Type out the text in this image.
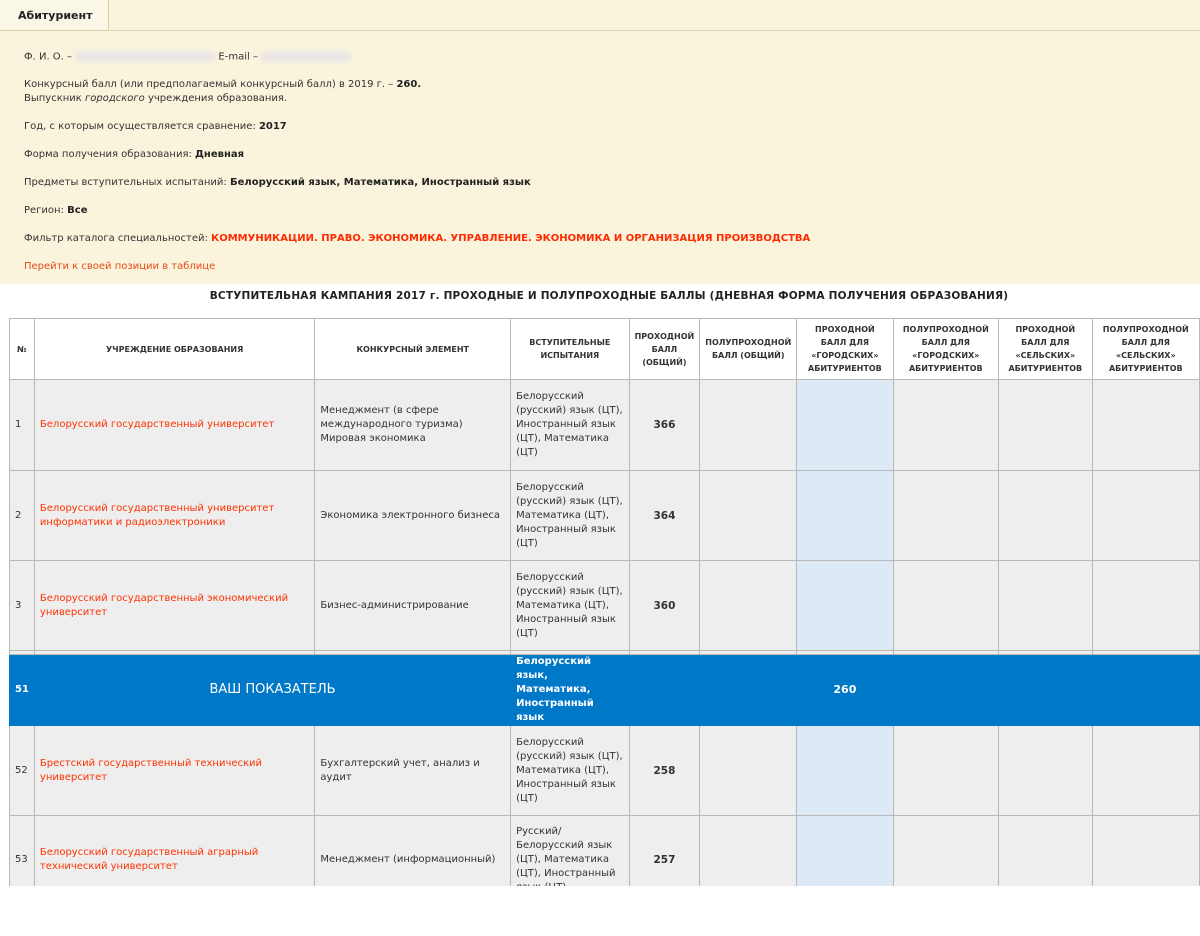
Абитуриент
Ф. И. О. –	E-mail –
Конкурсный балл (или предполагаемый конкурсный балл) в 2019 г. – 260.
Выпускник городского учреждения образования.
Год, с которым осуществляется сравнение: 2017
Форма получения образования: Дневная
Предметы вступительных испытаний: Белорусский язык, Математика, Иностранный язык
Регион: Все
Фильтр каталога специальностей: КОММУНИКАЦИИ. ПРАВО. ЭКОНОМИКА. УПРАВЛЕНИЕ. ЭКОНОМИКА И ОРГАНИЗАЦИЯ ПРОИЗВОДСТВА
Перейти к своей позиции в таблице
ВСТУПИТЕЛЬНАЯ КАМПАНИЯ 2017 г. ПРОХОДНЫЕ И ПОЛУПРОХОДНЫЕ БАЛЛЫ (ДНЕВНАЯ ФОРМА ПОЛУЧЕНИЯ ОБРАЗОВАНИЯ)
№	УЧРЕЖДЕНИЕ ОБРАЗОВАНИЯ	КОНКУРСНЫЙ ЭЛЕМЕНТ	ВСТУПИТЕЛЬНЫЕ ИСПЫТАНИЯ	ПРОХОДНОЙ БАЛЛ (ОБЩИЙ)	ПОЛУПРОХОДНОЙ БАЛЛ (ОБЩИЙ)	ПРОХОДНОЙ БАЛЛ ДЛЯ «ГОРОДСКИХ» АБИТУРИЕНТОВ	ПОЛУПРОХОДНОЙ БАЛЛ ДЛЯ «ГОРОДСКИХ» АБИТУРИЕНТОВ	ПРОХОДНОЙ БАЛЛ ДЛЯ «СЕЛЬСКИХ» АБИТУРИЕНТОВ	ПОЛУПРОХОДНОЙ БАЛЛ ДЛЯ «СЕЛЬСКИХ» АБИТУРИЕНТОВ
1	Белорусский государственный университет	Менеджмент (в сфере международного туризма) Мировая экономика	Белорусский (русский) язык (ЦТ), Иностранный язык (ЦТ), Математика (ЦТ)	366					
2	Белорусский государственный университет информатики и радиоэлектроники	Экономика электронного бизнеса	Белорусский (русский) язык (ЦТ), Математика (ЦТ), Иностранный язык (ЦТ)	364					
3	Белорусский государственный экономический университет	Бизнес-администрирование	Белорусский (русский) язык (ЦТ), Математика (ЦТ), Иностранный язык (ЦТ)	360					

51	ВАШ ПОКАЗАТЕЛЬ		Белорусский язык, Математика, Иностранный язык			260			
52	Брестский государственный технический университет	Бухгалтерский учет, анализ и аудит	Белорусский (русский) язык (ЦТ), Математика (ЦТ), Иностранный язык (ЦТ)	258					
53	Белорусский государственный аграрный технический университет	Менеджмент (информационный)	Русский/ Белорусский язык (ЦТ), Математика (ЦТ), Иностранный	257					
